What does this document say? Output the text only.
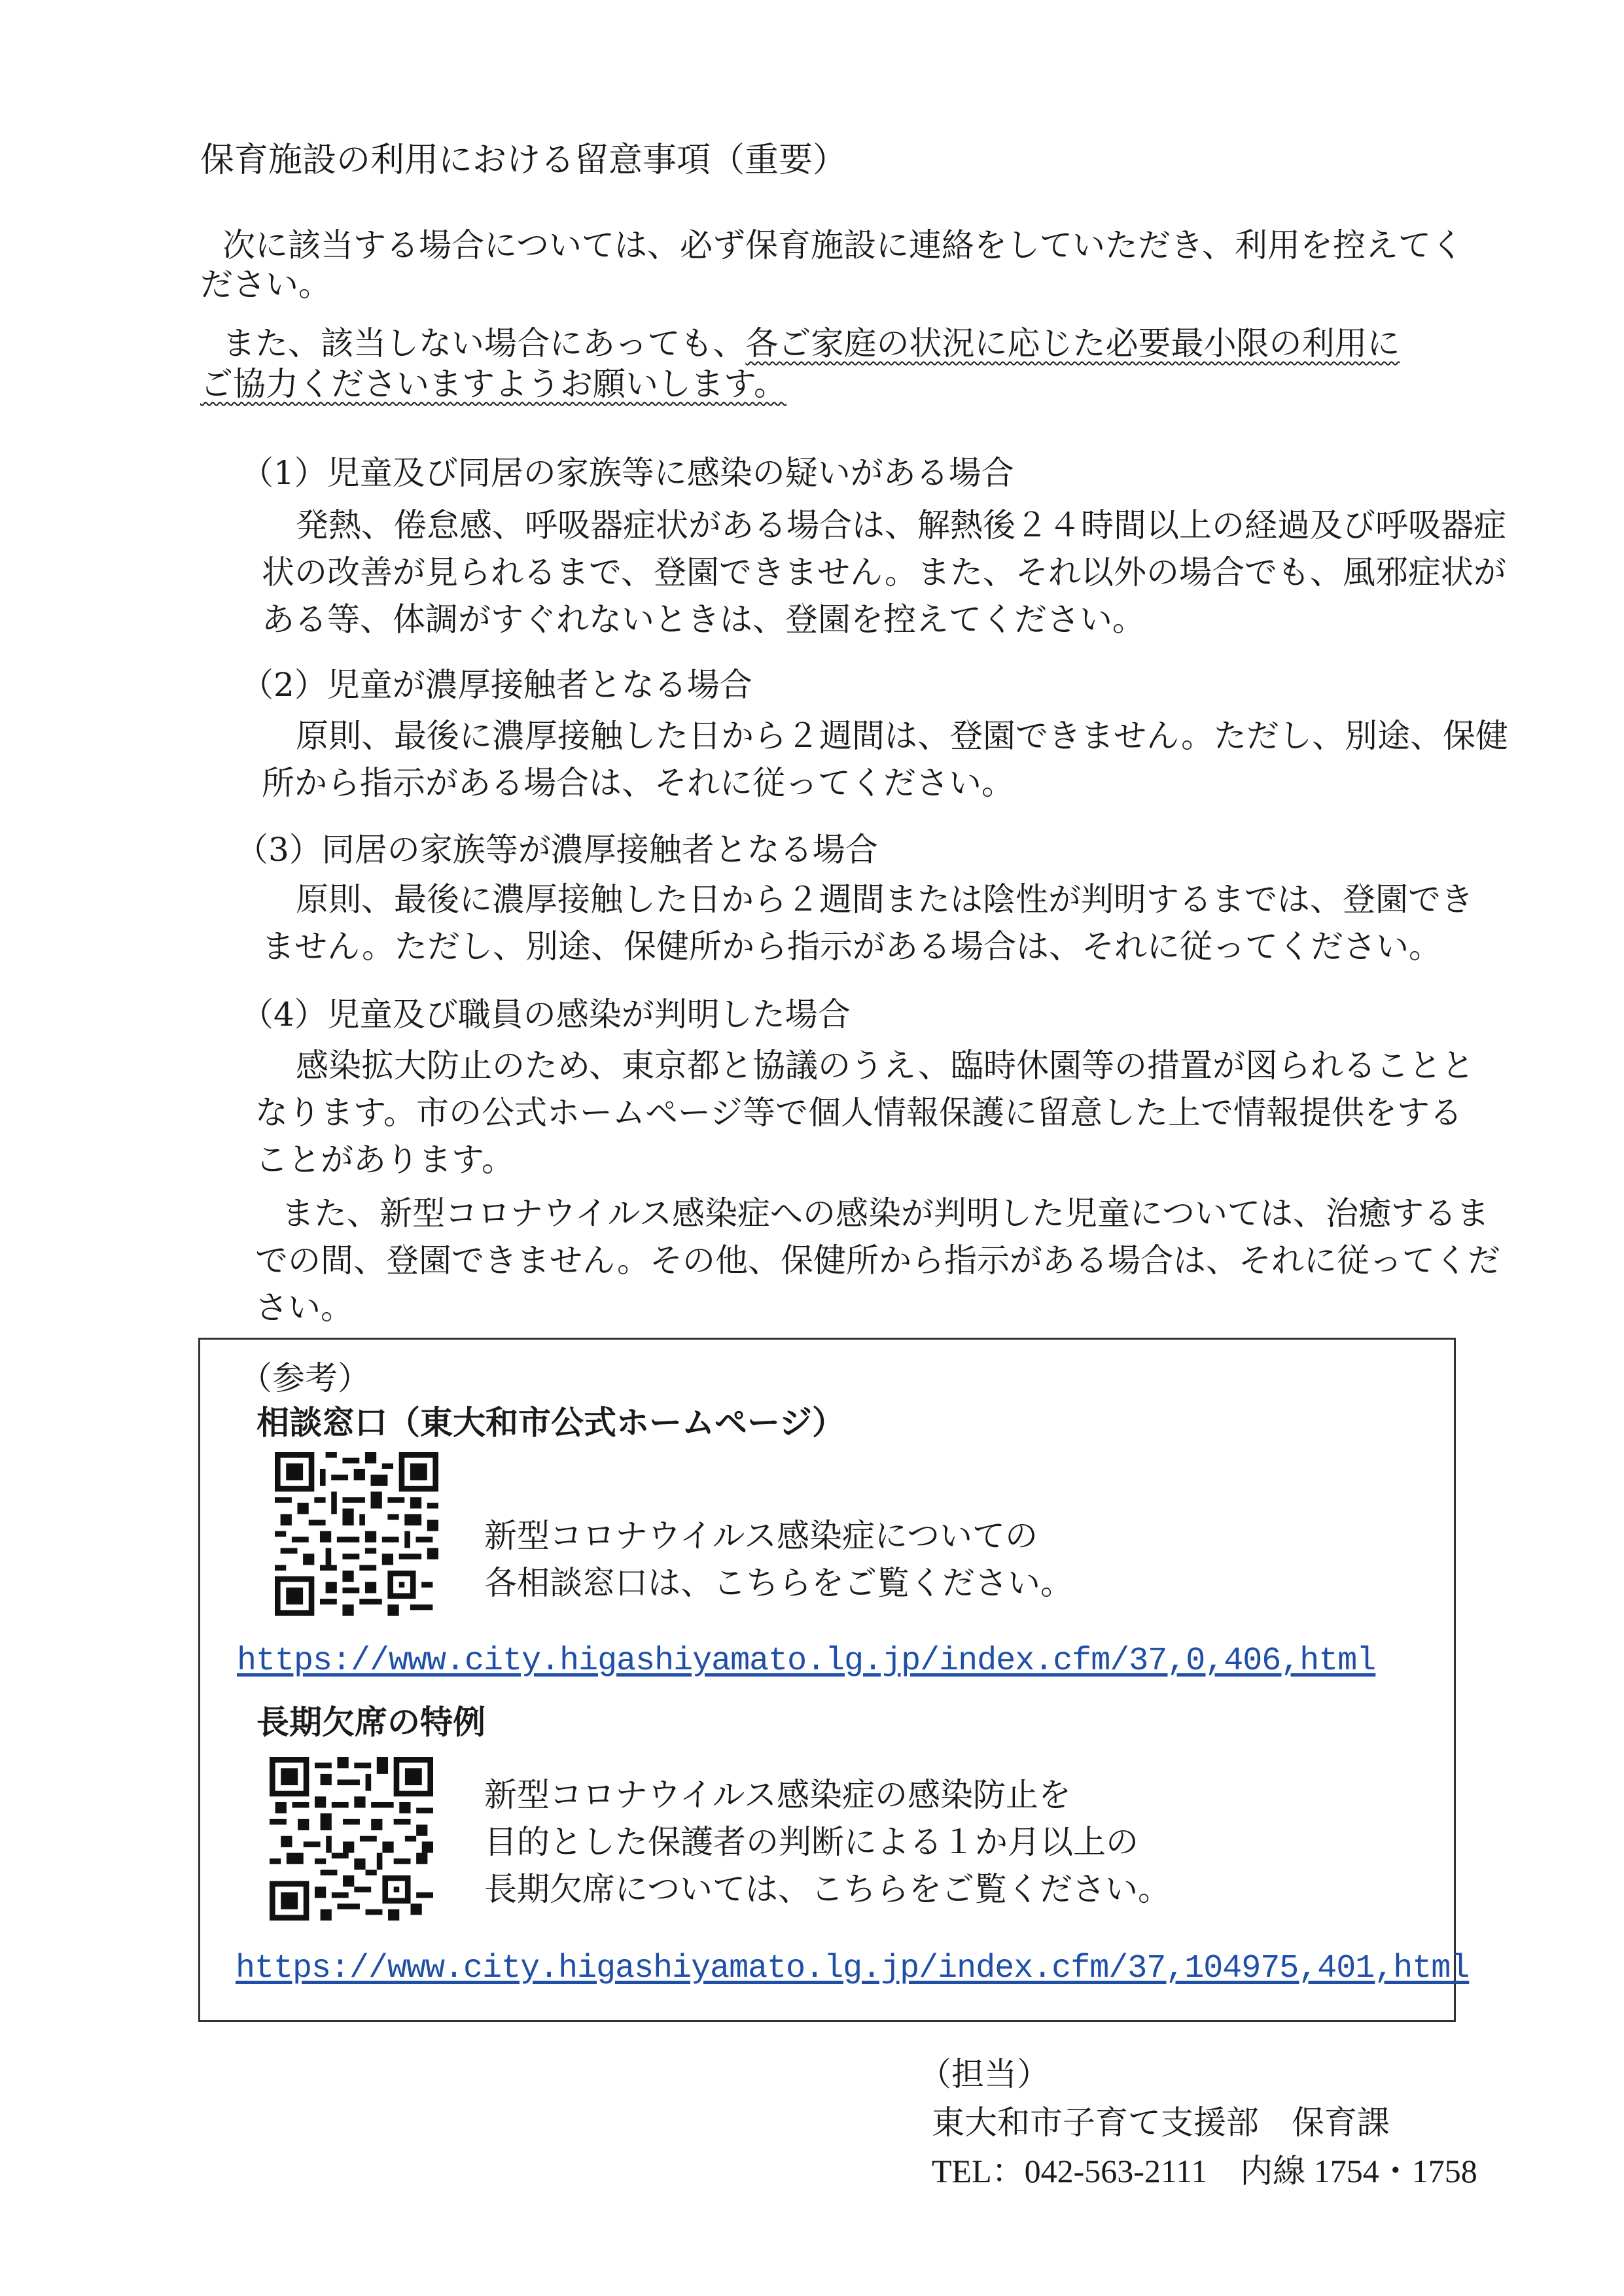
保育施設の利用における留意事項（重要）
次に該当する場合については、必ず保育施設に連絡をしていただき、利用を控えてく
ださい。
また、該当しない場合にあっても、各ご家庭の状況に応じた必要最小限の利用に
ご協力くださいますようお願いします。
（1）児童及び同居の家族等に感染の疑いがある場合
発熱、倦怠感、呼吸器症状がある場合は、解熱後２４時間以上の経過及び呼吸器症
状の改善が見られるまで、登園できません。また、それ以外の場合でも、風邪症状が
ある等、体調がすぐれないときは、登園を控えてください。
（2）児童が濃厚接触者となる場合
原則、最後に濃厚接触した日から２週間は、登園できません。ただし、別途、保健
所から指示がある場合は、それに従ってください。
（3）同居の家族等が濃厚接触者となる場合
原則、最後に濃厚接触した日から２週間または陰性が判明するまでは、登園でき
ません。ただし、別途、保健所から指示がある場合は、それに従ってください。
（4）児童及び職員の感染が判明した場合
感染拡大防止のため、東京都と協議のうえ、臨時休園等の措置が図られることと
なります。市の公式ホームページ等で個人情報保護に留意した上で情報提供をする
ことがあります。
また、新型コロナウイルス感染症への感染が判明した児童については、治癒するま
での間、登園できません。その他、保健所から指示がある場合は、それに従ってくだ
さい。
（参考）
相談窓口（東大和市公式ホームページ）
新型コロナウイルス感染症についての
各相談窓口は、こちらをご覧ください。
https://www.city.higashiyamato.lg.jp/index.cfm/37,0,406,html
長期欠席の特例
新型コロナウイルス感染症の感染防止を
目的とした保護者の判断による１か月以上の
長期欠席については、こちらをご覧ください。
https://www.city.higashiyamato.lg.jp/index.cfm/37,104975,401,html
（担当）
東大和市子育て支援部　保育課
TEL：042-563-2111　内線 1754・1758
